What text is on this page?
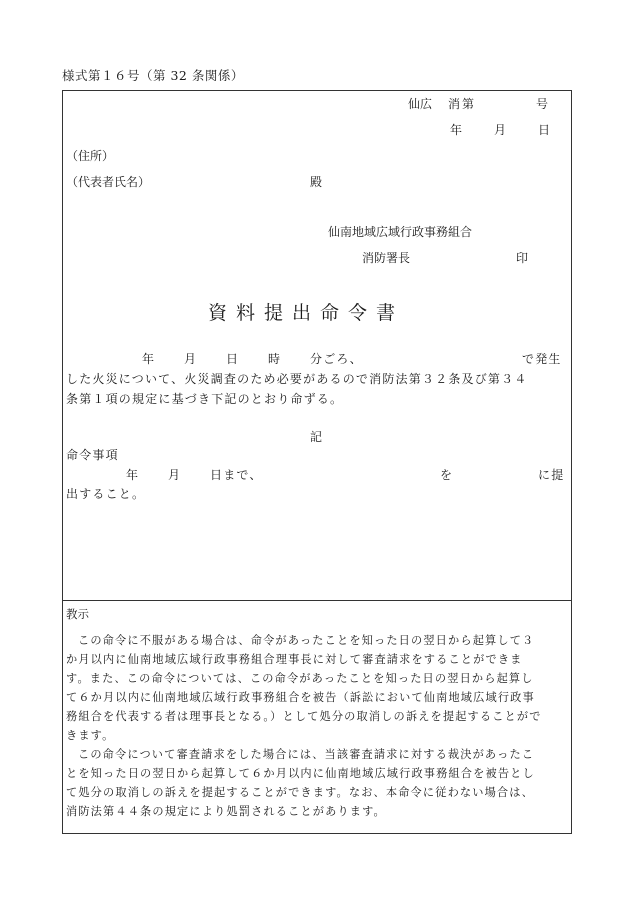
様式第１６号（第 32 条関係）
仙広 消第	号
年	月	日
（住所）
（代表者氏名）	殿
仙南地域広域行政事務組合
消防署長	印
資料提出命令書
年 月 日 時 分ごろ、	で発生
した火災について、火災調査のため必要があるので消防法第３２条及び第３４
条第１項の規定に基づき下記のとおり命ずる。
記
命令事項
年 月 日まで、	を	に提
出すること。
教示
この命令に不服がある場合は、命令があったことを知った日の翌日から起算して３
か月以内に仙南地域広域行政事務組合理事長に対して審査請求をすることができま
す。また、この命令については、この命令があったことを知った日の翌日から起算し
て６か月以内に仙南地域広域行政事務組合を被告（訴訟において仙南地域広域行政事
務組合を代表する者は理事長となる。）として処分の取消しの訴えを提起することがで
きます。
この命令について審査請求をした場合には、当該審査請求に対する裁決があったこ
とを知った日の翌日から起算して６か月以内に仙南地域広域行政事務組合を被告とし
て処分の取消しの訴えを提起することができます。なお、本命令に従わない場合は、
消防法第４４条の規定により処罰されることがあります。
